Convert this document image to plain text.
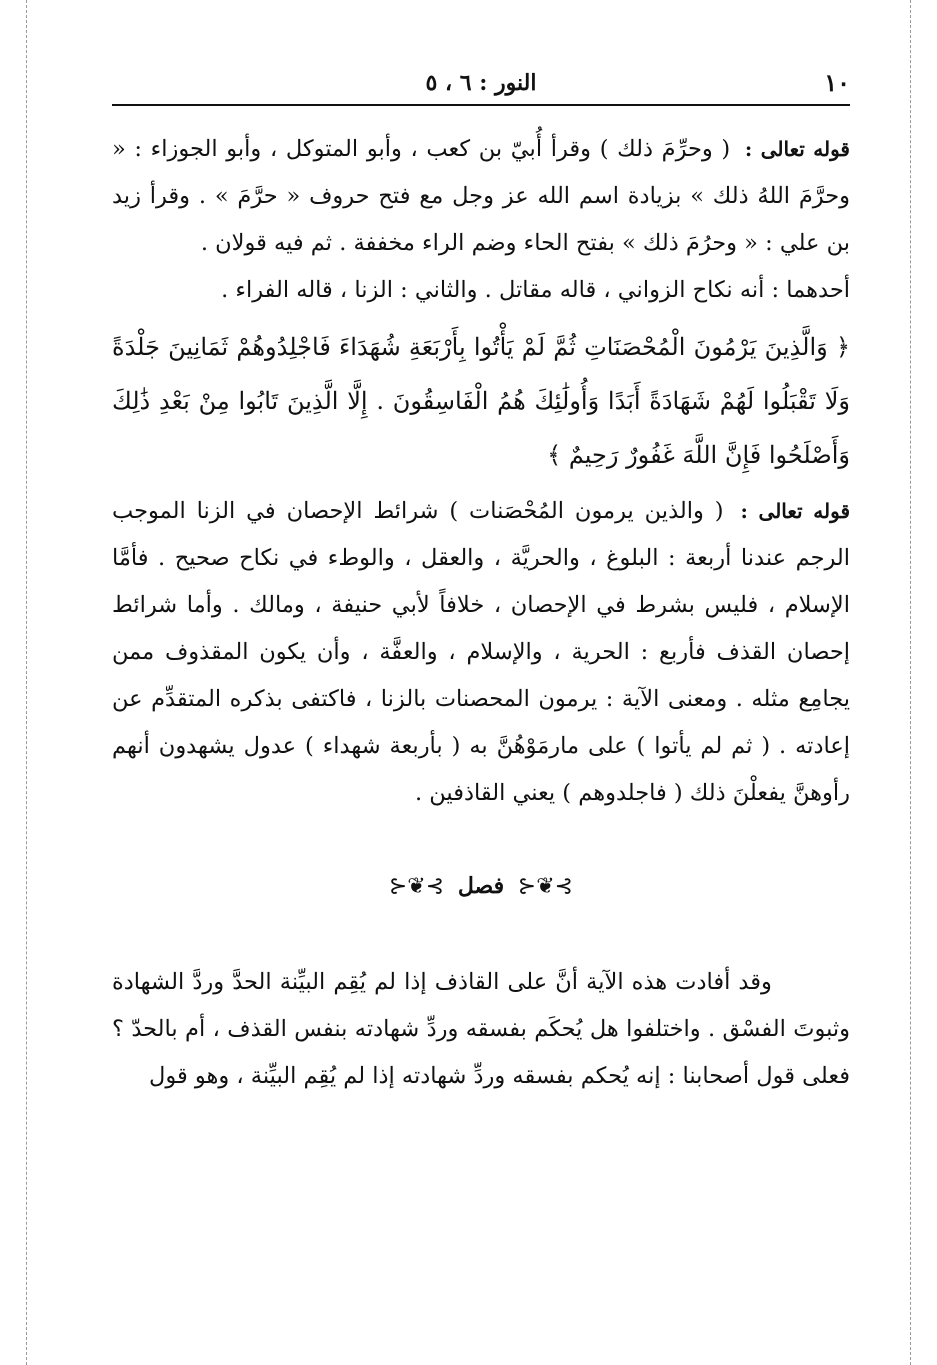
١٠
النور : ٦ ، ٥

قوله تعالى : ( وحرِّمَ ذلك ) وقرأ أُبيّ بن كعب ، وأبو المتوكل ، وأبو الجوزاء : « وحرَّمَ اللهُ ذلك » بزيادة اسم الله عز وجل مع فتح حروف « حرَّمَ » . وقرأ زيد بن علي : « وحرُمَ ذلك » بفتح الحاء وضم الراء مخففة . ثم فيه قولان .

أحدهما : أنه نكاح الزواني ، قاله مقاتل . والثاني : الزنا ، قاله الفراء .

﴿ وَالَّذِينَ يَرْمُونَ الْمُحْصَنَاتِ ثُمَّ لَمْ يَأْتُوا بِأَرْبَعَةِ شُهَدَاءَ فَاجْلِدُوهُمْ ثَمَانِينَ جَلْدَةً وَلَا تَقْبَلُوا لَهُمْ شَهَادَةً أَبَدًا وَأُولَٰئِكَ هُمُ الْفَاسِقُونَ . إِلَّا الَّذِينَ تَابُوا مِنْ بَعْدِ ذَٰلِكَ وَأَصْلَحُوا فَإِنَّ اللَّهَ غَفُورٌ رَحِيمٌ ﴾

قوله تعالى : ( والذين يرمون المُحْصَنات ) شرائط الإحصان في الزنا الموجب الرجم عندنا أربعة : البلوغ ، والحريَّة ، والعقل ، والوطء في نكاح صحيح . فأمَّا الإسلام ، فليس بشرط في الإحصان ، خلافاً لأبي حنيفة ، ومالك . وأما شرائط إحصان القذف فأربع : الحرية ، والإسلام ، والعفَّة ، وأن يكون المقذوف ممن يجامِع مثله . ومعنى الآية : يرمون المحصنات بالزنا ، فاكتفى بذكره المتقدِّم عن إعادته . ( ثم لم يأتوا ) على مارمَوْهُنَّ به ( بأربعة شهداء ) عدول يشهدون أنهم رأوهنَّ يفعلْنَ ذلك ( فاجلدوهم ) يعني القاذفين .

⊱❦⊰ فصل ⊱❦⊰

وقد أفادت هذه الآية أنَّ على القاذف إذا لم يُقِم البيِّنة الحدَّ وردَّ الشهادة وثبوتَ الفسْق . واختلفوا هل يُحكَم بفسقه وردِّ شهادته بنفس القذف ، أم بالحدّ ؟ فعلى قول أصحابنا : إنه يُحكم بفسقه وردِّ شهادته إذا لم يُقِم البيِّنة ، وهو قول
